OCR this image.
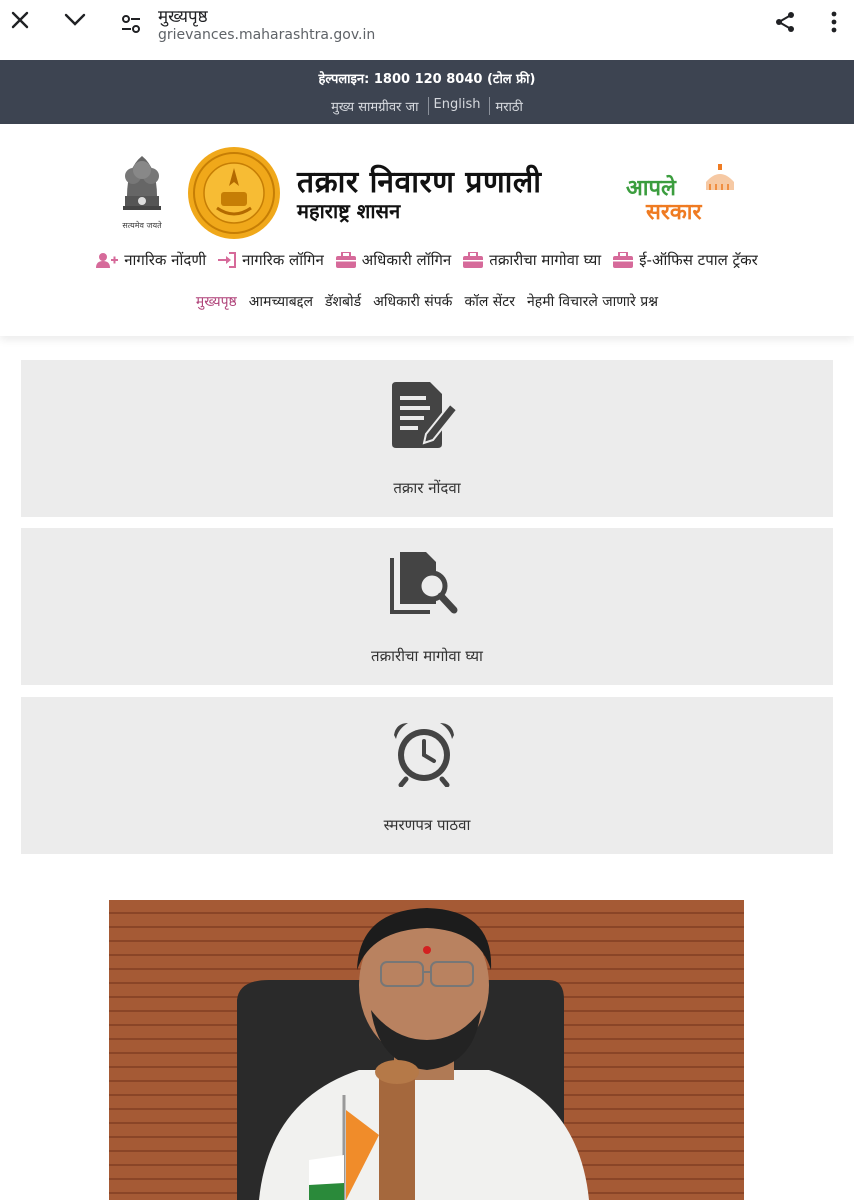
मुख्यपृष्ठ
grievances.maharashtra.gov.in
हेल्पलाइन: 1800 120 8040 (टोल फ्री)
मुख्य सामग्रीवर जा	English	मराठी
सत्यमेव जयते
तक्रार निवारण प्रणाली
महाराष्ट्र शासन
आपले
सरकार
नागरिक नोंदणी नागरिक लॉगिन	अधिकारी लॉगिन	तक्रारीचा मागोवा घ्या	ई-ऑफिस टपाल ट्रॅकर
मुख्यपृष्ठ आमच्याबद्दल डॅशबोर्ड अधिकारी संपर्क कॉल सेंटर नेहमी विचारले जाणारे प्रश्न
तक्रार नोंदवा
तक्रारीचा मागोवा घ्या
स्मरणपत्र पाठवा
